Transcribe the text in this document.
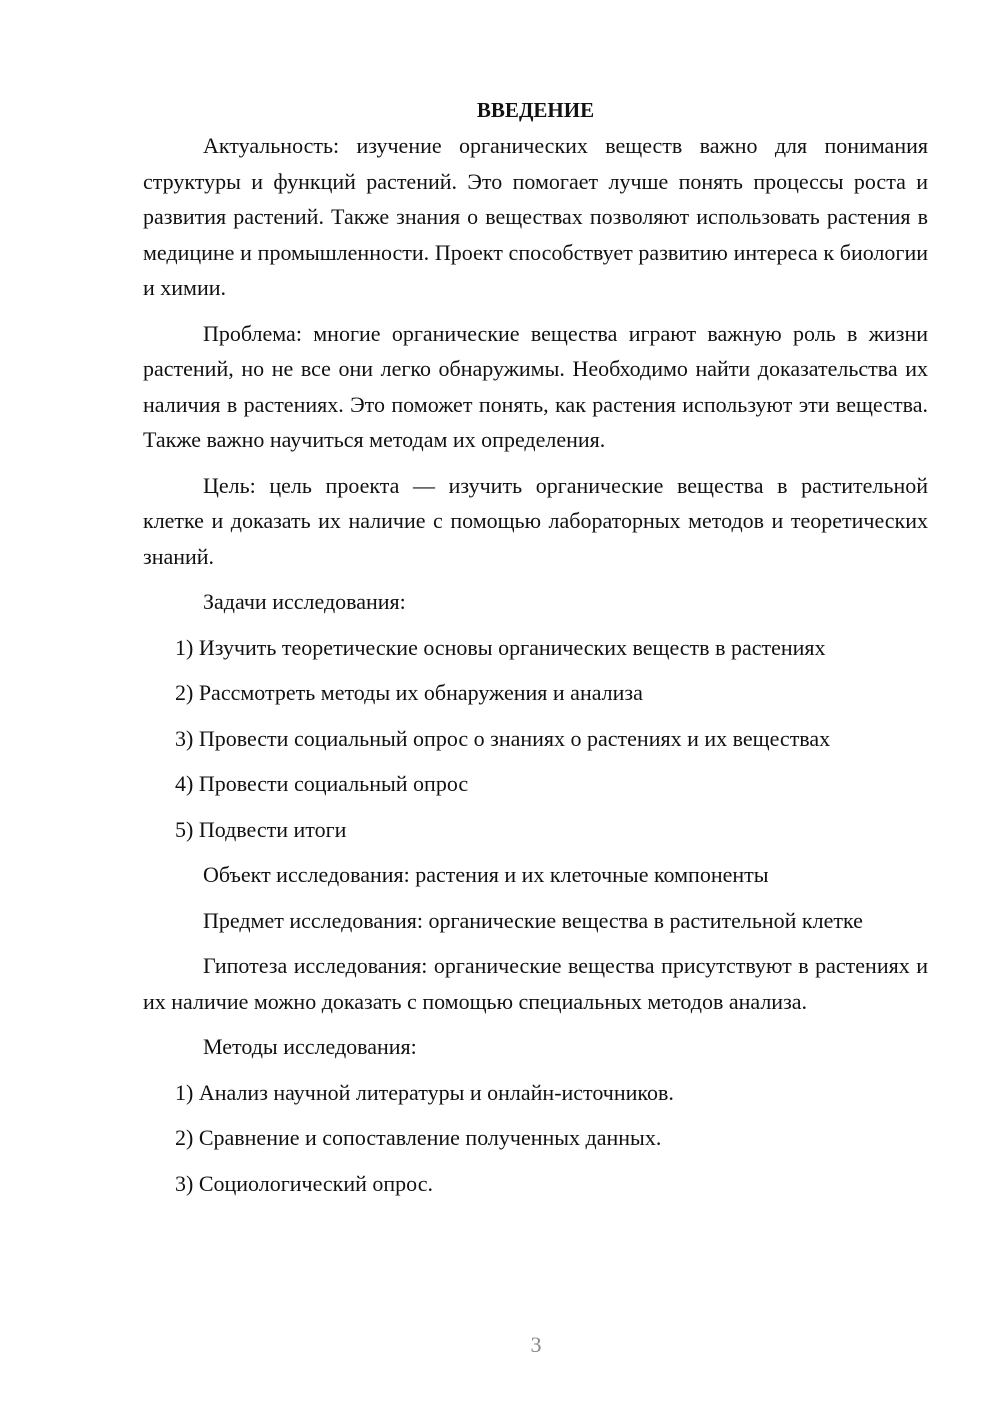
ВВЕДЕНИЕ

Актуальность: изучение органических веществ важно для понимания структуры и функций растений. Это помогает лучше понять процессы роста и развития растений. Также знания о веществах позволяют использовать растения в медицине и промышленности. Проект способствует развитию интереса к биологии и химии.

Проблема: многие органические вещества играют важную роль в жизни растений, но не все они легко обнаружимы. Необходимо найти доказательства их наличия в растениях. Это поможет понять, как растения используют эти вещества. Также важно научиться методам их определения.

Цель: цель проекта — изучить органические вещества в растительной клетке и доказать их наличие с помощью лабораторных методов и теоретических знаний.

Задачи исследования:

1) Изучить теоретические основы органических веществ в растениях

2) Рассмотреть методы их обнаружения и анализа

3) Провести социальный опрос о знаниях о растениях и их веществах

4) Провести социальный опрос

5) Подвести итоги

Объект исследования: растения и их клеточные компоненты

Предмет исследования: органические вещества в растительной клетке

Гипотеза исследования: органические вещества присутствуют в растениях и их наличие можно доказать с помощью специальных методов анализа.

Методы исследования:

1) Анализ научной литературы и онлайн-источников.

2) Сравнение и сопоставление полученных данных.

3) Социологический опрос.

3
